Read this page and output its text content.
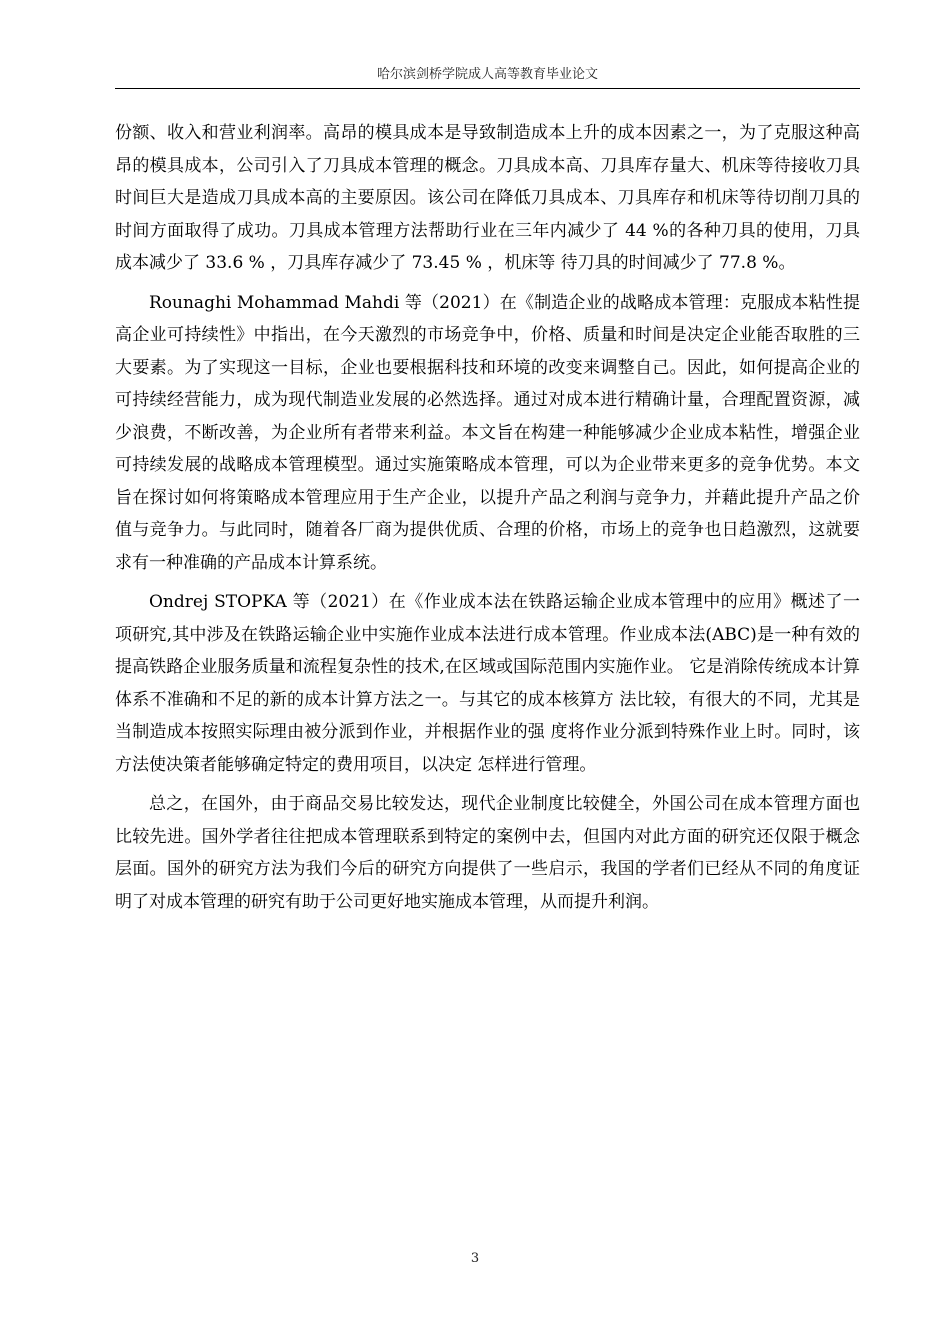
哈尔滨剑桥学院成人高等教育毕业论文

份额、收入和营业利润率。高昂的模具成本是导致制造成本上升的成本因素之一，为了克服这种高昂的模具成本，公司引入了刀具成本管理的概念。刀具成本高、刀具库存量大、机床等待接收刀具时间巨大是造成刀具成本高的主要原因。该公司在降低刀具成本、刀具库存和机床等待切削刀具的时间方面取得了成功。刀具成本管理方法帮助行业在三年内减少了 44 %的各种刀具的使用，刀具成本减少了 33.6 % ，刀具库存减少了 73.45 % ，机床等 待刀具的时间减少了 77.8 %。

Rounaghi Mohammad Mahdi 等（2021）在《制造企业的战略成本管理：克服成本粘性提高企业可持续性》中指出，在今天激烈的市场竞争中，价格、质量和时间是决定企业能否取胜的三大要素。为了实现这一目标，企业也要根据科技和环境的改变来调整自己。因此，如何提高企业的可持续经营能力，成为现代制造业发展的必然选择。通过对成本进行精确计量，合理配置资源，减少浪费，不断改善，为企业所有者带来利益。本文旨在构建一种能够减少企业成本粘性，增强企业可持续发展的战略成本管理模型。通过实施策略成本管理，可以为企业带来更多的竞争优势。本文旨在探讨如何将策略成本管理应用于生产企业，以提升产品之利润与竞争力，并藉此提升产品之价值与竞争力。与此同时，随着各厂商为提供优质、合理的价格，市场上的竞争也日趋激烈，这就要求有一种准确的产品成本计算系统。

Ondrej STOPKA 等（2021）在《作业成本法在铁路运输企业成本管理中的应用》概述了一项研究,其中涉及在铁路运输企业中实施作业成本法进行成本管理。作业成本法(ABC)是一种有效的提高铁路企业服务质量和流程复杂性的技术,在区域或国际范围内实施作业。 它是消除传统成本计算体系不准确和不足的新的成本计算方法之一。与其它的成本核算方 法比较，有很大的不同，尤其是当制造成本按照实际理由被分派到作业，并根据作业的强 度将作业分派到特殊作业上时。同时，该方法使决策者能够确定特定的费用项目，以决定 怎样进行管理。

总之，在国外，由于商品交易比较发达，现代企业制度比较健全，外国公司在成本管理方面也比较先进。国外学者往往把成本管理联系到特定的案例中去，但国内对此方面的研究还仅限于概念层面。国外的研究方法为我们今后的研究方向提供了一些启示，我国的学者们已经从不同的角度证明了对成本管理的研究有助于公司更好地实施成本管理，从而提升利润。

3
